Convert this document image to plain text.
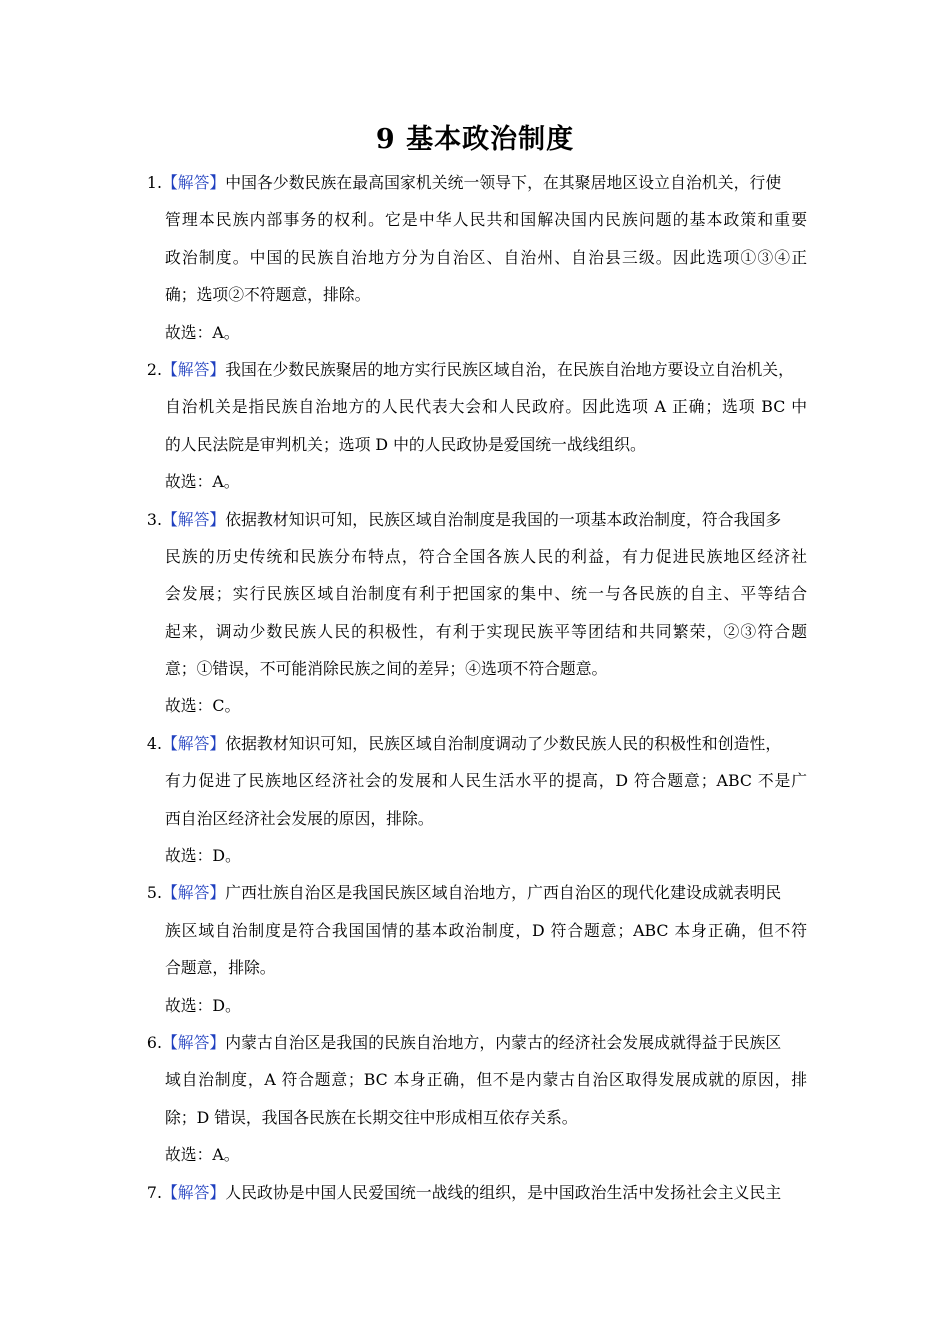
9 基本政治制度
1.【解答】中国各少数民族在最高国家机关统一领导下，在其聚居地区设立自治机关，行使
管理本民族内部事务的权利。它是中华人民共和国解决国内民族问题的基本政策和重要
政治制度。中国的民族自治地方分为自治区、自治州、自治县三级。因此选项①③④正
确；选项②不符题意，排除。
故选：A。
2.【解答】我国在少数民族聚居的地方实行民族区域自治，在民族自治地方要设立自治机关，
自治机关是指民族自治地方的人民代表大会和人民政府。因此选项 A 正确；选项 BC 中
的人民法院是审判机关；选项 D 中的人民政协是爱国统一战线组织。
故选：A。
3.【解答】依据教材知识可知，民族区域自治制度是我国的一项基本政治制度，符合我国多
民族的历史传统和民族分布特点，符合全国各族人民的利益，有力促进民族地区经济社
会发展；实行民族区域自治制度有利于把国家的集中、统一与各民族的自主、平等结合
起来，调动少数民族人民的积极性，有利于实现民族平等团结和共同繁荣，②③符合题
意；①错误，不可能消除民族之间的差异；④选项不符合题意。
故选：C。
4.【解答】依据教材知识可知，民族区域自治制度调动了少数民族人民的积极性和创造性，
有力促进了民族地区经济社会的发展和人民生活水平的提高，D 符合题意；ABC 不是广
西自治区经济社会发展的原因，排除。
故选：D。
5.【解答】广西壮族自治区是我国民族区域自治地方，广西自治区的现代化建设成就表明民
族区域自治制度是符合我国国情的基本政治制度，D 符合题意；ABC 本身正确，但不符
合题意，排除。
故选：D。
6.【解答】内蒙古自治区是我国的民族自治地方，内蒙古的经济社会发展成就得益于民族区
域自治制度，A 符合题意；BC 本身正确，但不是内蒙古自治区取得发展成就的原因，排
除；D 错误，我国各民族在长期交往中形成相互依存关系。
故选：A。
7.【解答】人民政协是中国人民爱国统一战线的组织，是中国政治生活中发扬社会主义民主
